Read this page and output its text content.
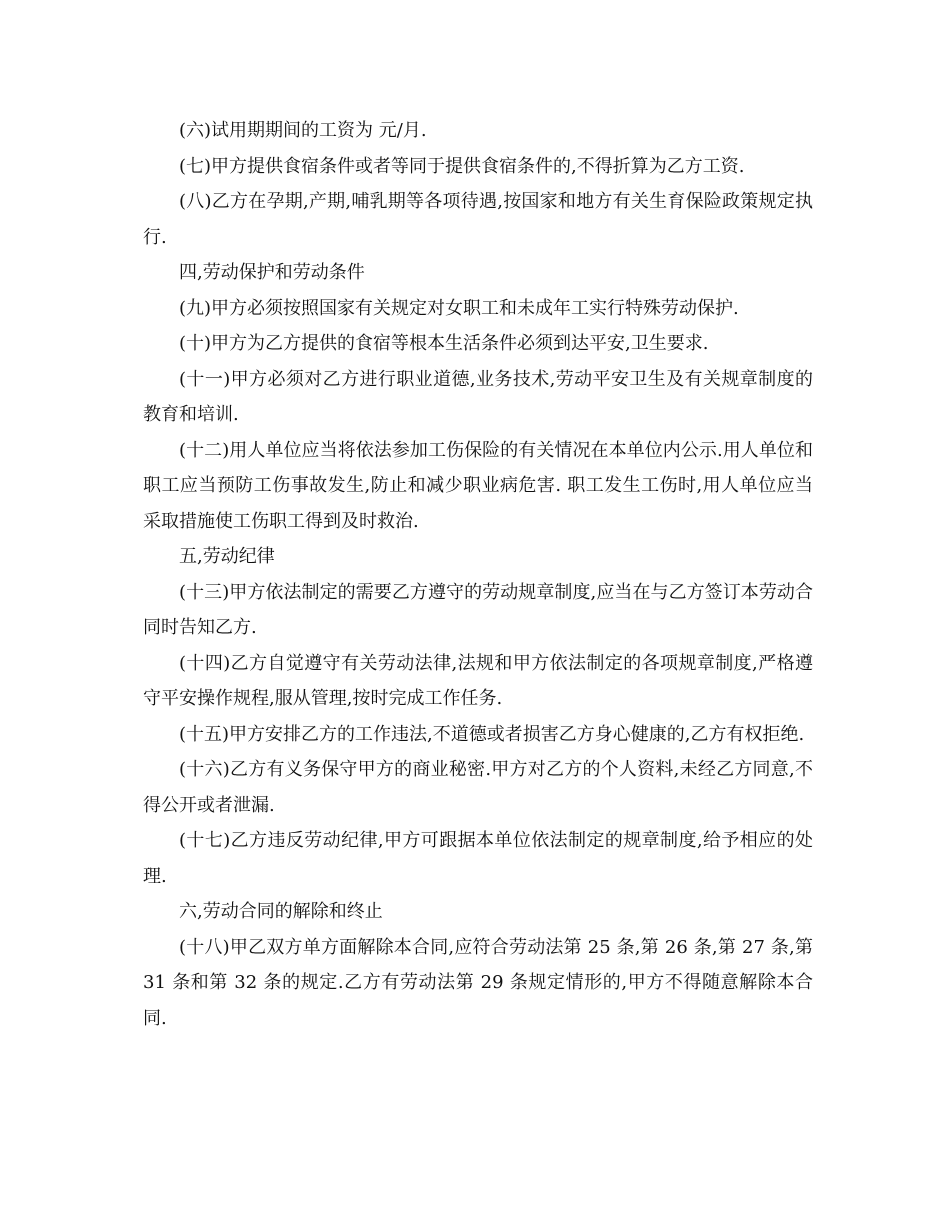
(六)试用期期间的工资为 元/月.

(七)甲方提供食宿条件或者等同于提供食宿条件的,不得折算为乙方工资.

(八)乙方在孕期,产期,哺乳期等各项待遇,按国家和地方有关生育保险政策规定执行.

四,劳动保护和劳动条件

(九)甲方必须按照国家有关规定对女职工和未成年工实行特殊劳动保护.

(十)甲方为乙方提供的食宿等根本生活条件必须到达平安,卫生要求.

(十一)甲方必须对乙方进行职业道德,业务技术,劳动平安卫生及有关规章制度的教育和培训.

(十二)用人单位应当将依法参加工伤保险的有关情况在本单位内公示.用人单位和职工应当预防工伤事故发生,防止和减少职业病危害. 职工发生工伤时,用人单位应当采取措施使工伤职工得到及时救治.

五,劳动纪律

(十三)甲方依法制定的需要乙方遵守的劳动规章制度,应当在与乙方签订本劳动合同时告知乙方.

(十四)乙方自觉遵守有关劳动法律,法规和甲方依法制定的各项规章制度,严格遵守平安操作规程,服从管理,按时完成工作任务.

(十五)甲方安排乙方的工作违法,不道德或者损害乙方身心健康的,乙方有权拒绝.

(十六)乙方有义务保守甲方的商业秘密.甲方对乙方的个人资料,未经乙方同意,不得公开或者泄漏.

(十七)乙方违反劳动纪律,甲方可跟据本单位依法制定的规章制度,给予相应的处理.

六,劳动合同的解除和终止

(十八)甲乙双方单方面解除本合同,应符合劳动法第 25 条,第 26 条,第 27 条,第 31 条和第 32 条的规定.乙方有劳动法第 29 条规定情形的,甲方不得随意解除本合同.
